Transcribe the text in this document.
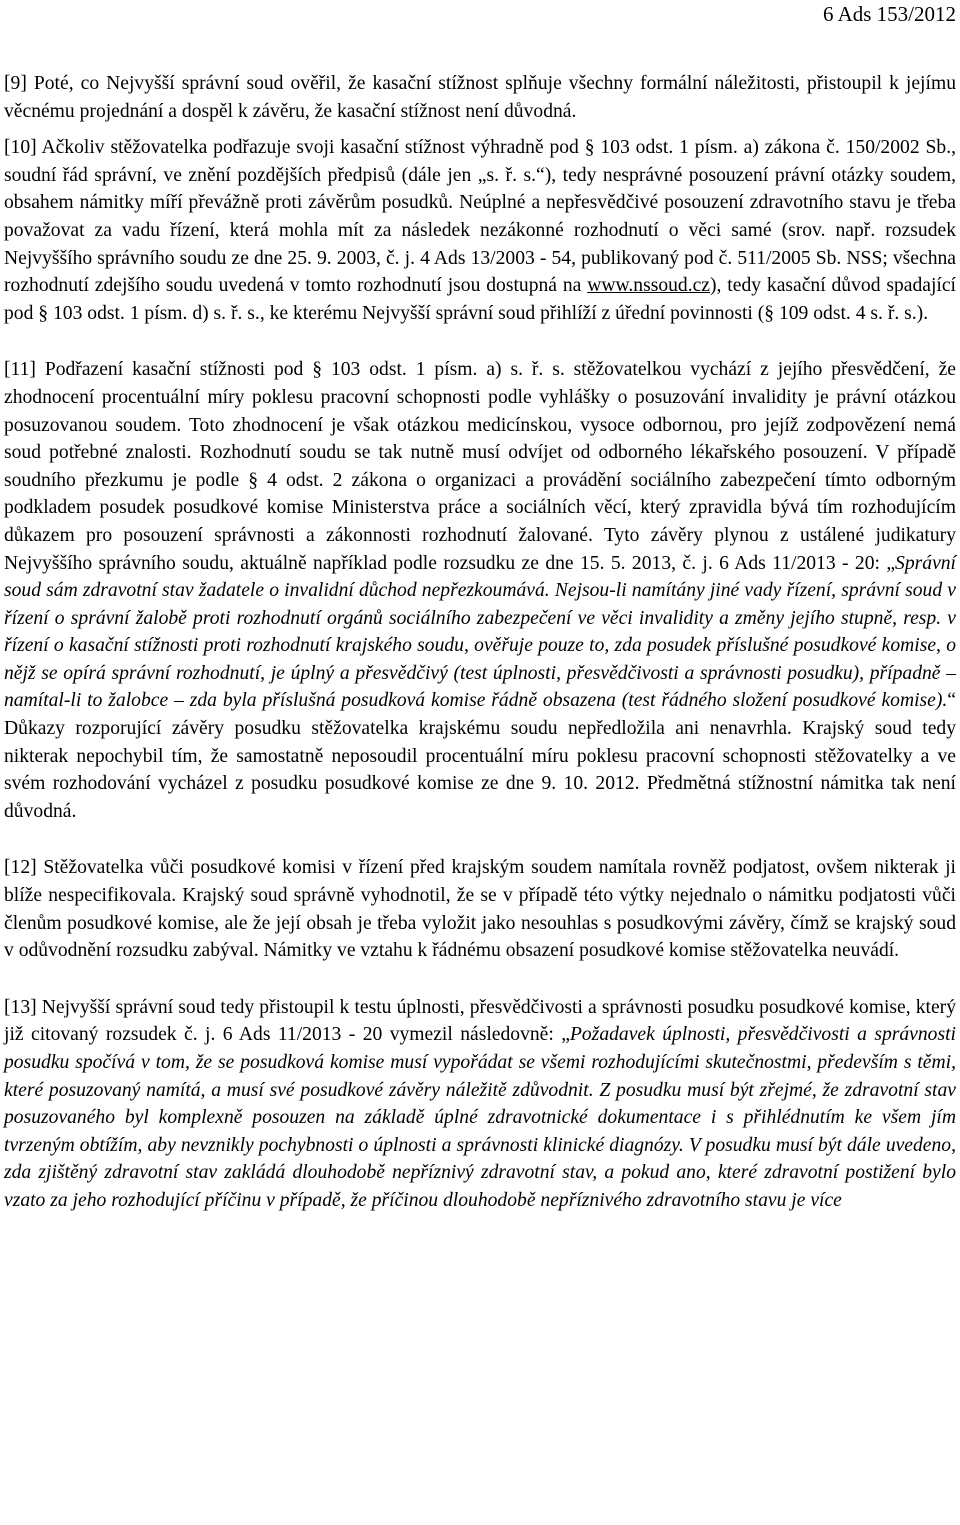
6 Ads 153/2012

[9] Poté, co Nejvyšší správní soud ověřil, že kasační stížnost splňuje všechny formální náležitosti, přistoupil k jejímu věcnému projednání a dospěl k závěru, že kasační stížnost není důvodná.

[10] Ačkoliv stěžovatelka podřazuje svoji kasační stížnost výhradně pod § 103 odst. 1 písm. a) zákona č. 150/2002 Sb., soudní řád správní, ve znění pozdějších předpisů (dále jen „s. ř. s.“), tedy nesprávné posouzení právní otázky soudem, obsahem námitky míří převážně proti závěrům posudků. Neúplné a nepřesvědčivé posouzení zdravotního stavu je třeba považovat za vadu řízení, která mohla mít za následek nezákonné rozhodnutí o věci samé (srov. např. rozsudek Nejvyššího správního soudu ze dne 25. 9. 2003, č. j. 4 Ads 13/2003 - 54, publikovaný pod č. 511/2005 Sb. NSS; všechna rozhodnutí zdejšího soudu uvedená v tomto rozhodnutí jsou dostupná na www.nssoud.cz), tedy kasační důvod spadající pod § 103 odst. 1 písm. d) s. ř. s., ke kterému Nejvyšší správní soud přihlíží z úřední povinnosti (§ 109 odst. 4 s. ř. s.).

[11] Podřazení kasační stížnosti pod § 103 odst. 1 písm. a) s. ř. s. stěžovatelkou vychází z jejího přesvědčení, že zhodnocení procentuální míry poklesu pracovní schopnosti podle vyhlášky o posuzování invalidity je právní otázkou posuzovanou soudem. Toto zhodnocení je však otázkou medicínskou, vysoce odbornou, pro jejíž zodpovězení nemá soud potřebné znalosti. Rozhodnutí soudu se tak nutně musí odvíjet od odborného lékařského posouzení. V případě soudního přezkumu je podle § 4 odst. 2 zákona o organizaci a provádění sociálního zabezpečení tímto odborným podkladem posudek posudkové komise Ministerstva práce a sociálních věcí, který zpravidla bývá tím rozhodujícím důkazem pro posouzení správnosti a zákonnosti rozhodnutí žalované. Tyto závěry plynou z ustálené judikatury Nejvyššího správního soudu, aktuálně například podle rozsudku ze dne 15. 5. 2013, č. j. 6 Ads 11/2013 - 20: „Správní soud sám zdravotní stav žadatele o invalidní důchod nepřezkoumává. Nejsou-li namítány jiné vady řízení, správní soud v řízení o správní žalobě proti rozhodnutí orgánů sociálního zabezpečení ve věci invalidity a změny jejího stupně, resp. v řízení o kasační stížnosti proti rozhodnutí krajského soudu, ověřuje pouze to, zda posudek příslušné posudkové komise, o nějž se opírá správní rozhodnutí, je úplný a přesvědčivý (test úplnosti, přesvědčivosti a správnosti posudku), případně – namítal-li to žalobce – zda byla příslušná posudková komise řádně obsazena (test řádného složení posudkové komise).“ Důkazy rozporující závěry posudku stěžovatelka krajskému soudu nepředložila ani nenavrhla. Krajský soud tedy nikterak nepochybil tím, že samostatně neposoudil procentuální míru poklesu pracovní schopnosti stěžovatelky a ve svém rozhodování vycházel z posudku posudkové komise ze dne 9. 10. 2012. Předmětná stížnostní námitka tak není důvodná.

[12] Stěžovatelka vůči posudkové komisi v řízení před krajským soudem namítala rovněž podjatost, ovšem nikterak ji blíže nespecifikovala. Krajský soud správně vyhodnotil, že se v případě této výtky nejednalo o námitku podjatosti vůči členům posudkové komise, ale že její obsah je třeba vyložit jako nesouhlas s posudkovými závěry, čímž se krajský soud v odůvodnění rozsudku zabýval. Námitky ve vztahu k řádnému obsazení posudkové komise stěžovatelka neuvádí.

[13] Nejvyšší správní soud tedy přistoupil k testu úplnosti, přesvědčivosti a správnosti posudku posudkové komise, který již citovaný rozsudek č. j. 6 Ads 11/2013 - 20 vymezil následovně: „Požadavek úplnosti, přesvědčivosti a správnosti posudku spočívá v tom, že se posudková komise musí vypořádat se všemi rozhodujícími skutečnostmi, především s těmi, které posuzovaný namítá, a musí své posudkové závěry náležitě zdůvodnit. Z posudku musí být zřejmé, že zdravotní stav posuzovaného byl komplexně posouzen na základě úplné zdravotnické dokumentace i s přihlédnutím ke všem jím tvrzeným obtížím, aby nevznikly pochybnosti o úplnosti a správnosti klinické diagnózy. V posudku musí být dále uvedeno, zda zjištěný zdravotní stav zakládá dlouhodobě nepříznivý zdravotní stav, a pokud ano, které zdravotní postižení bylo vzato za jeho rozhodující příčinu v případě, že příčinou dlouhodobě nepříznivého zdravotního stavu je více
